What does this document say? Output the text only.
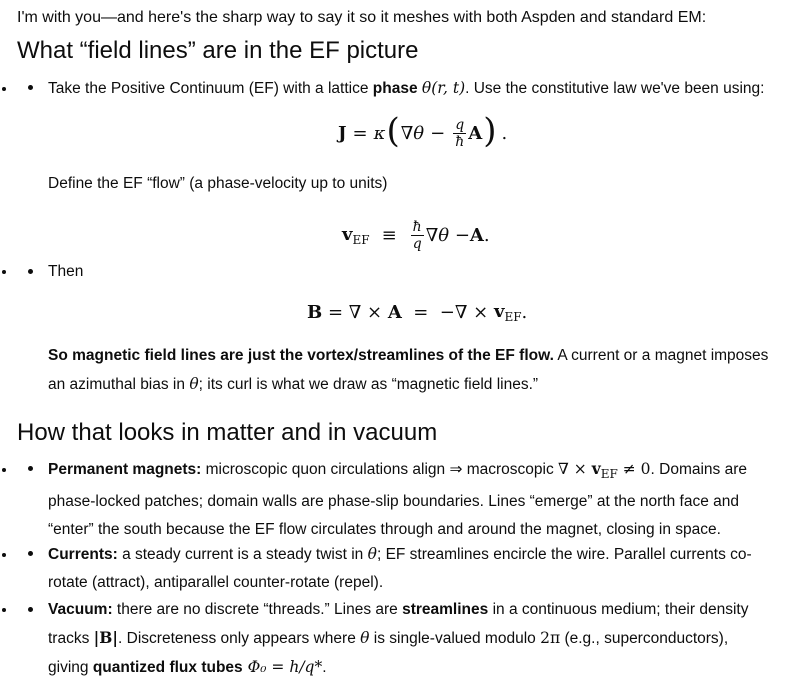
I'm with you—and here's the sharp way to say it so it meshes with both Aspden and standard EM:
What “field lines” are in the EF picture
• Take the Positive Continuum (EF) with a lattice phase θ(r, t). Use the constitutive law we've been using:
J = κ ( $\nabla\theta - \frac{q}{ħ}$ A ) .
Define the EF “flow” (a phase-velocity up to units)
$v_{EF} \equiv \frac{ħ}{q} \nabla\theta - A$ .
• Then
B = ∇ × A =  −∇ × $v_{EF}$ .
So magnetic field lines are just the vortex/streamlines of the EF flow. A current or a magnet imposes
an azimuthal bias in θ; its curl is what we draw as “magnetic field lines.”
How that looks in matter and in vacuum
• Permanent magnets: microscopic quon circulations align ⇒ macroscopic ∇ × $v_{EF} \ne 0$. Domains are
phase-locked patches; domain walls are phase-slip boundaries. Lines “emerge” at the north face and
“enter” the south because the EF flow circulates through and around the magnet, closing in space.
• Currents: a steady current is a steady twist in θ; EF streamlines encircle the wire. Parallel currents co-
rotate (attract), antiparallel counter-rotate (repel).
• Vacuum: there are no discrete “threads.” Lines are streamlines in a continuous medium; their density
tracks |B|. Discreteness only appears where θ is single-valued modulo 2π (e.g., superconductors),
giving quantized flux tubes Φ₀ = h/q*.
